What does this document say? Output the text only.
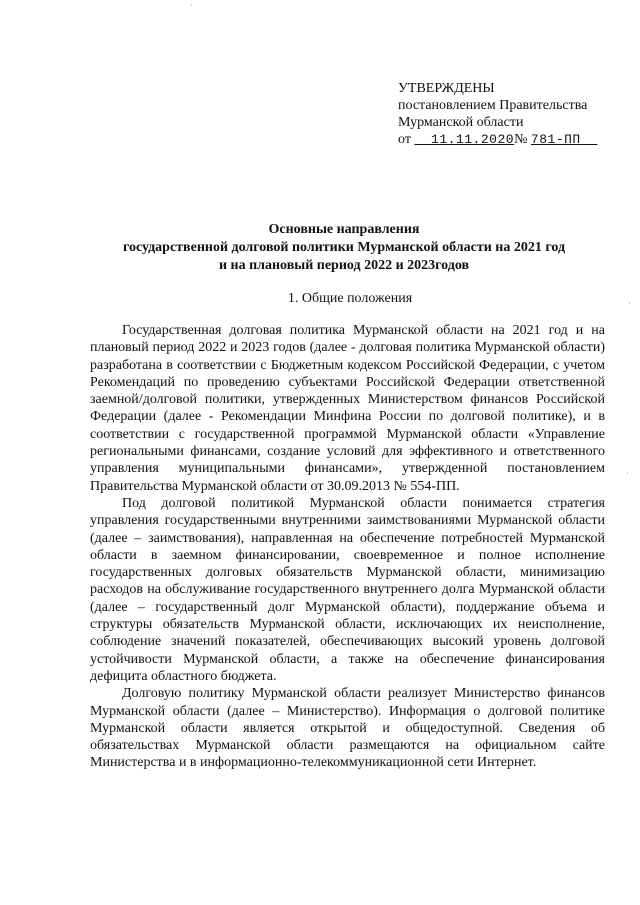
УТВЕРЖДЕНЫ
постановлением Правительства
Мурманской области
от 11.11.2020№ 781-ПП
Основные направления
государственной долговой политики Мурманской области на 2021 год
и на плановый период 2022 и 2023годов
1. Общие положения

Государственная долговая политика Мурманской области на 2021 год и на плановый период 2022 и 2023 годов (далее - долговая политика Мурманской области) разработана в соответствии с Бюджетным кодексом Российской Федерации, с учетом Рекомендаций по проведению субъектами Российской Федерации ответственной заемной/долговой политики, утвержденных Министерством финансов Российской Федерации (далее - Рекомендации Минфина России по долговой политике), и в соответствии с государственной программой Мурманской области «Управление региональными финансами, создание условий для эффективного и ответственного управления муниципальными финансами», утвержденной постановлением Правительства Мурманской области от 30.09.2013 № 554-ПП.

Под долговой политикой Мурманской области понимается стратегия управления государственными внутренними заимствованиями Мурманской области (далее – заимствования), направленная на обеспечение потребностей Мурманской области в заемном финансировании, своевременное и полное исполнение государственных долговых обязательств Мурманской области, минимизацию расходов на обслуживание государственного внутреннего долга Мурманской области (далее – государственный долг Мурманской области), поддержание объема и структуры обязательств Мурманской области, исключающих их неисполнение, соблюдение значений показателей, обеспечивающих высокий уровень долговой устойчивости Мурманской области, а также на обеспечение финансирования дефицита областного бюджета.

Долговую политику Мурманской области реализует Министерство финансов Мурманской области (далее – Министерство). Информация о долговой политике Мурманской области является открытой и общедоступной. Сведения об обязательствах Мурманской области размещаются на официальном сайте Министерства и в информационно-телекоммуникационной сети Интернет.

·
·
·
